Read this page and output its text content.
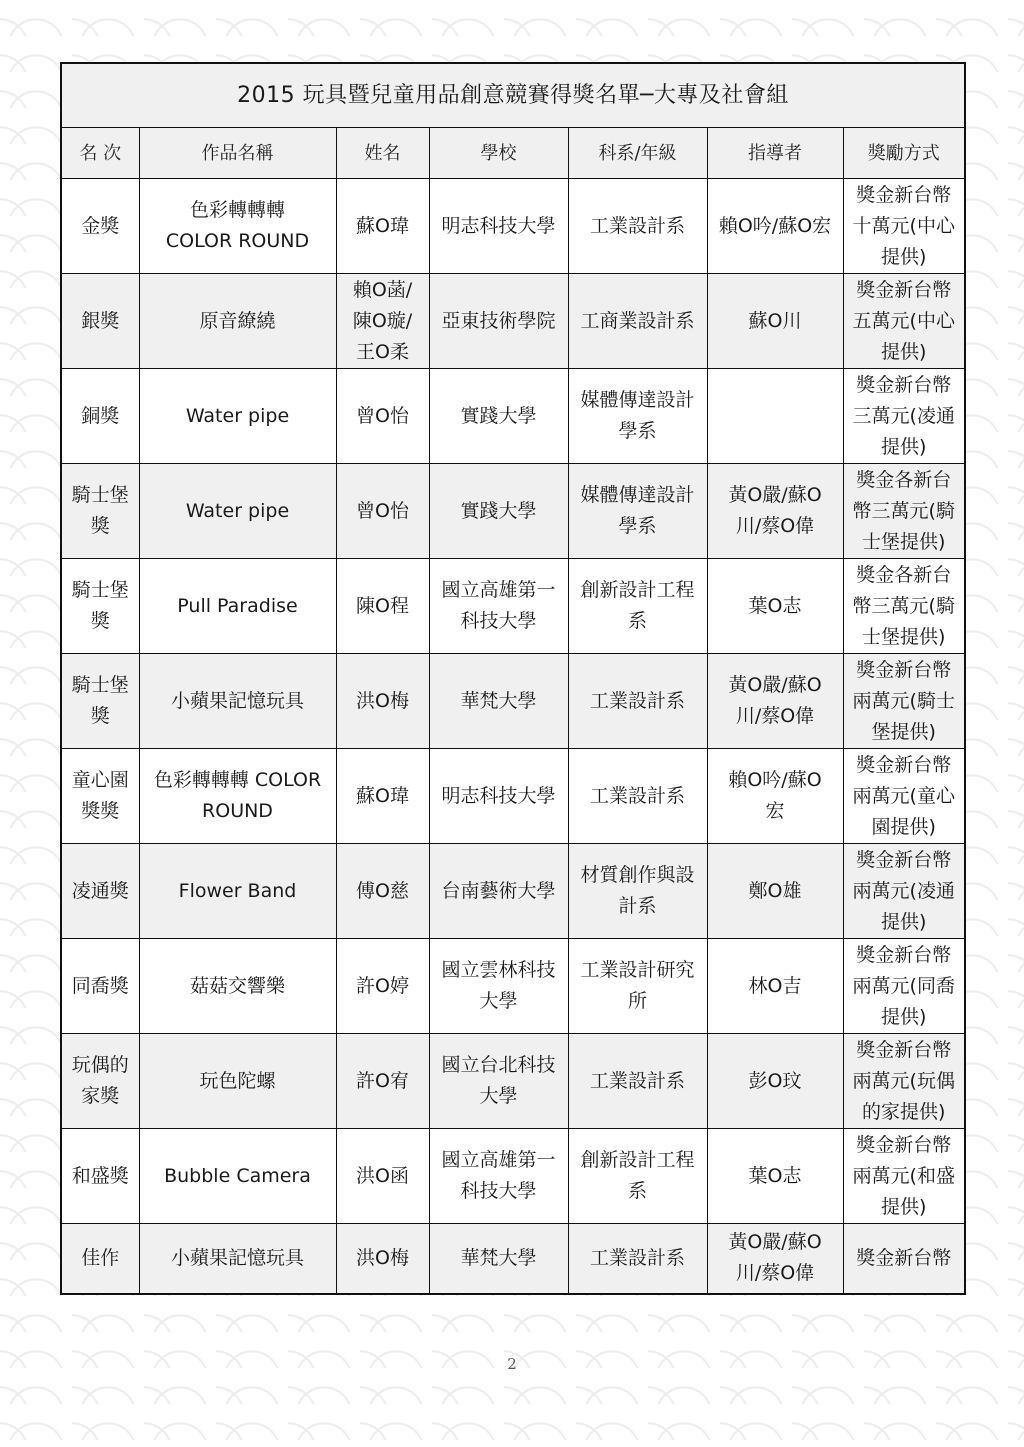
2015 玩具暨兒童用品創意競賽得獎名單─大專及社會組						
名 次	作品名稱	姓名	學校	科系/年級	指導者	獎勵方式
金獎	色彩轉轉轉
COLOR ROUND	蘇O瑋	明志科技大學	工業設計系	賴O吟/蘇O宏	獎金新台幣
十萬元(中心
提供)
銀獎	原音繚繞	賴O菡/
陳O璇/
王O柔	亞東技術學院	工商業設計系	蘇O川	獎金新台幣
五萬元(中心
提供)
銅獎	Water pipe	曾O怡	實踐大學	媒體傳達設計
學系		獎金新台幣
三萬元(凌通
提供)
騎士堡
獎	Water pipe	曾O怡	實踐大學	媒體傳達設計
學系	黃O嚴/蘇O
川/蔡O偉	獎金各新台
幣三萬元(騎
士堡提供)
騎士堡
獎	Pull Paradise	陳O程	國立高雄第一
科技大學	創新設計工程
系	葉O志	獎金各新台
幣三萬元(騎
士堡提供)
騎士堡
獎	小蘋果記憶玩具	洪O梅	華梵大學	工業設計系	黃O嚴/蘇O
川/蔡O偉	獎金新台幣
兩萬元(騎士
堡提供)
童心園
獎獎	色彩轉轉轉 COLOR
ROUND	蘇O瑋	明志科技大學	工業設計系	賴O吟/蘇O
宏	獎金新台幣
兩萬元(童心
園提供)
凌通獎	Flower Band	傅O慈	台南藝術大學	材質創作與設
計系	鄭O雄	獎金新台幣
兩萬元(凌通
提供)
同喬獎	菇菇交響樂	許O婷	國立雲林科技
大學	工業設計研究
所	林O吉	獎金新台幣
兩萬元(同喬
提供)
玩偶的
家獎	玩色陀螺	許O宥	國立台北科技
大學	工業設計系	彭O玟	獎金新台幣
兩萬元(玩偶
的家提供)
和盛獎	Bubble Camera	洪O函	國立高雄第一
科技大學	創新設計工程
系	葉O志	獎金新台幣
兩萬元(和盛
提供)
佳作	小蘋果記憶玩具	洪O梅	華梵大學	工業設計系	黃O嚴/蘇O
川/蔡O偉	獎金新台幣
2
